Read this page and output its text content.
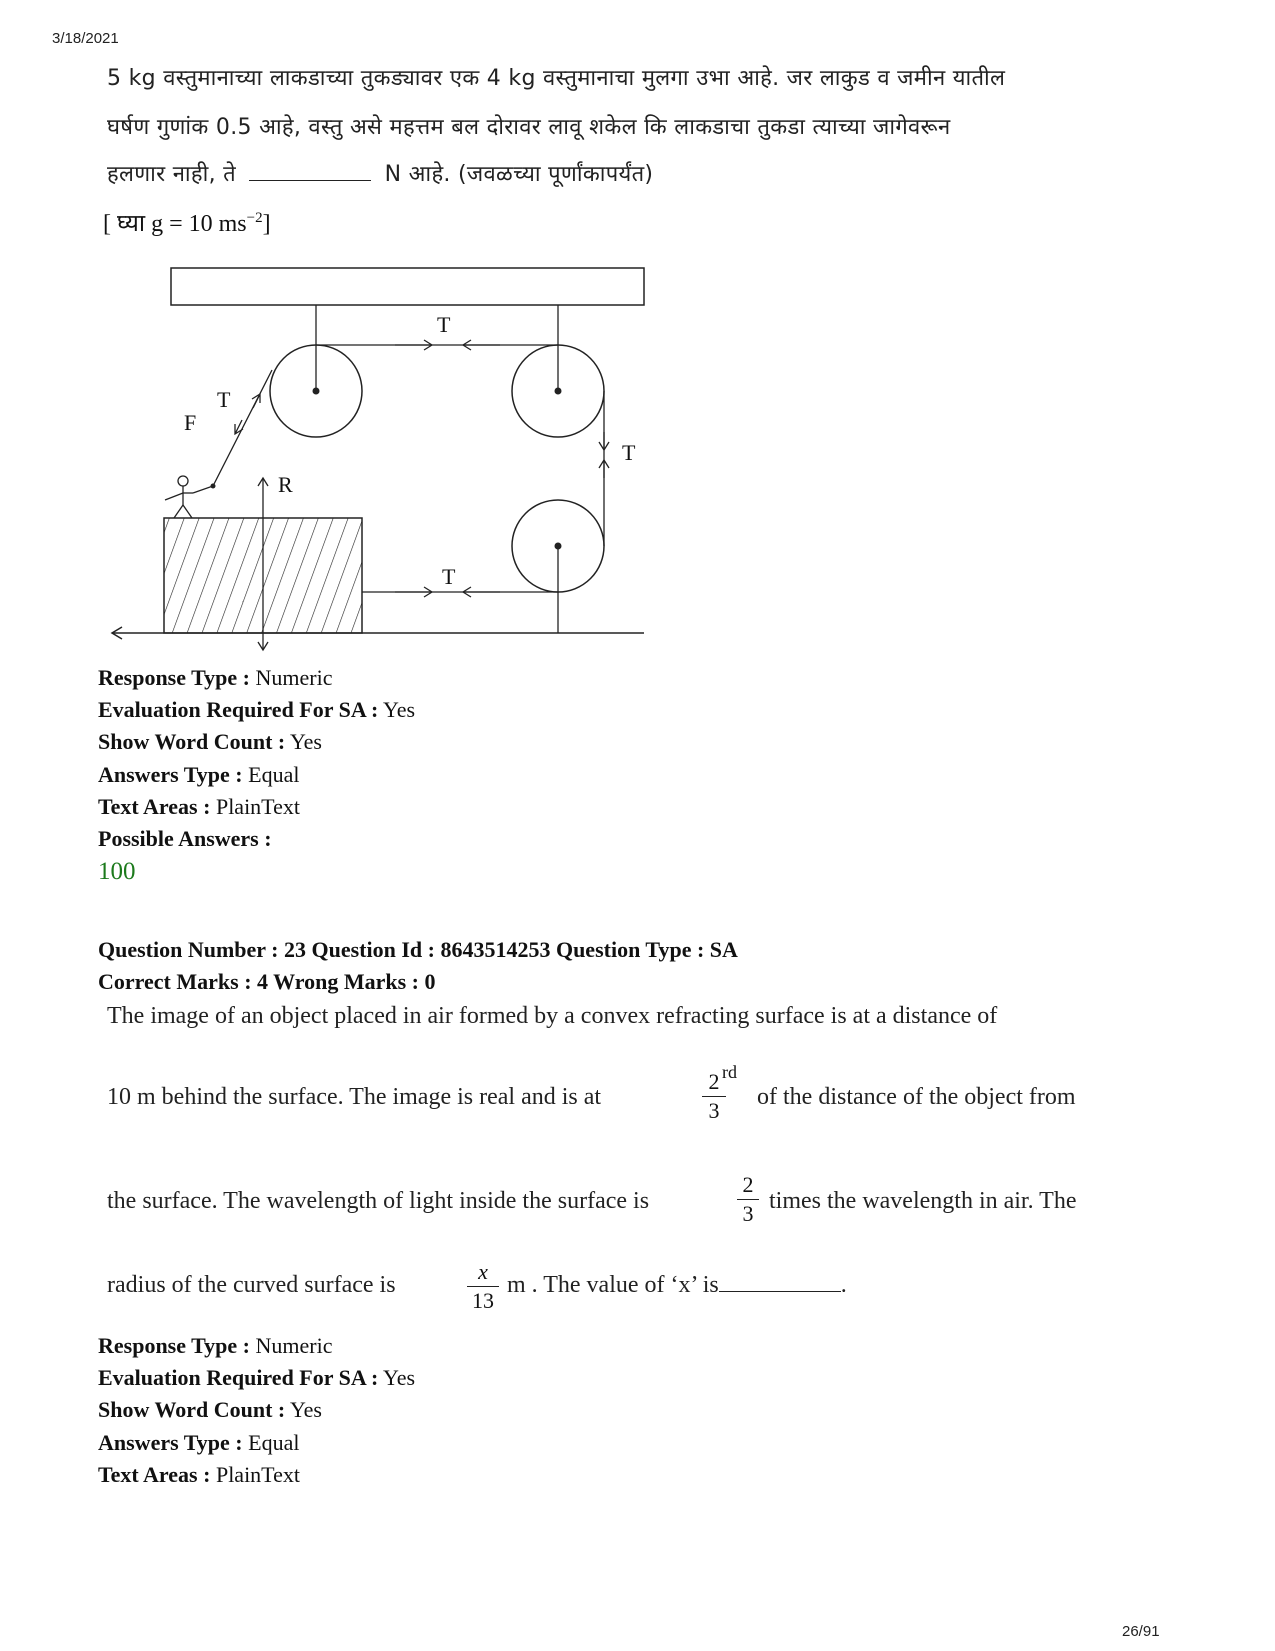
3/18/2021
26/91
5 kg वस्तुमानाच्या लाकडाच्या तुकड्यावर एक 4 kg वस्तुमानाचा मुलगा उभा आहे. जर लाकुड व जमीन यातील
घर्षण गुणांक 0.5 आहे, वस्तु असे महत्तम बल दोरावर लावू शकेल कि लाकडाचा तुकडा त्याच्या जागेवरून
हलणार नाही, ते	N आहे. (जवळच्या पूर्णांकापर्यंत)
[ घ्या g = 10 $ms^{-2}$]
T
T
T
T
F
R
Response Type : Numeric
Evaluation Required For SA : Yes
Show Word Count : Yes
Answers Type : Equal
Text Areas : PlainText
Possible Answers :
100
Question Number : 23 Question Id : 8643514253 Question Type : SA
Correct Marks : 4 Wrong Marks : 0
The image of an object placed in air formed by a convex refracting surface is at a distance of
10 m behind the surface. The image is real and is at
2
3
rd
of the distance of the object from
the surface. The wavelength of light inside the surface is
2
3 times the wavelength in air. The
radius of the curved surface is
x
13
m . The value of ‘x’ is	.
Response Type : Numeric
Evaluation Required For SA : Yes
Show Word Count : Yes
Answers Type : Equal
Text Areas : PlainText
